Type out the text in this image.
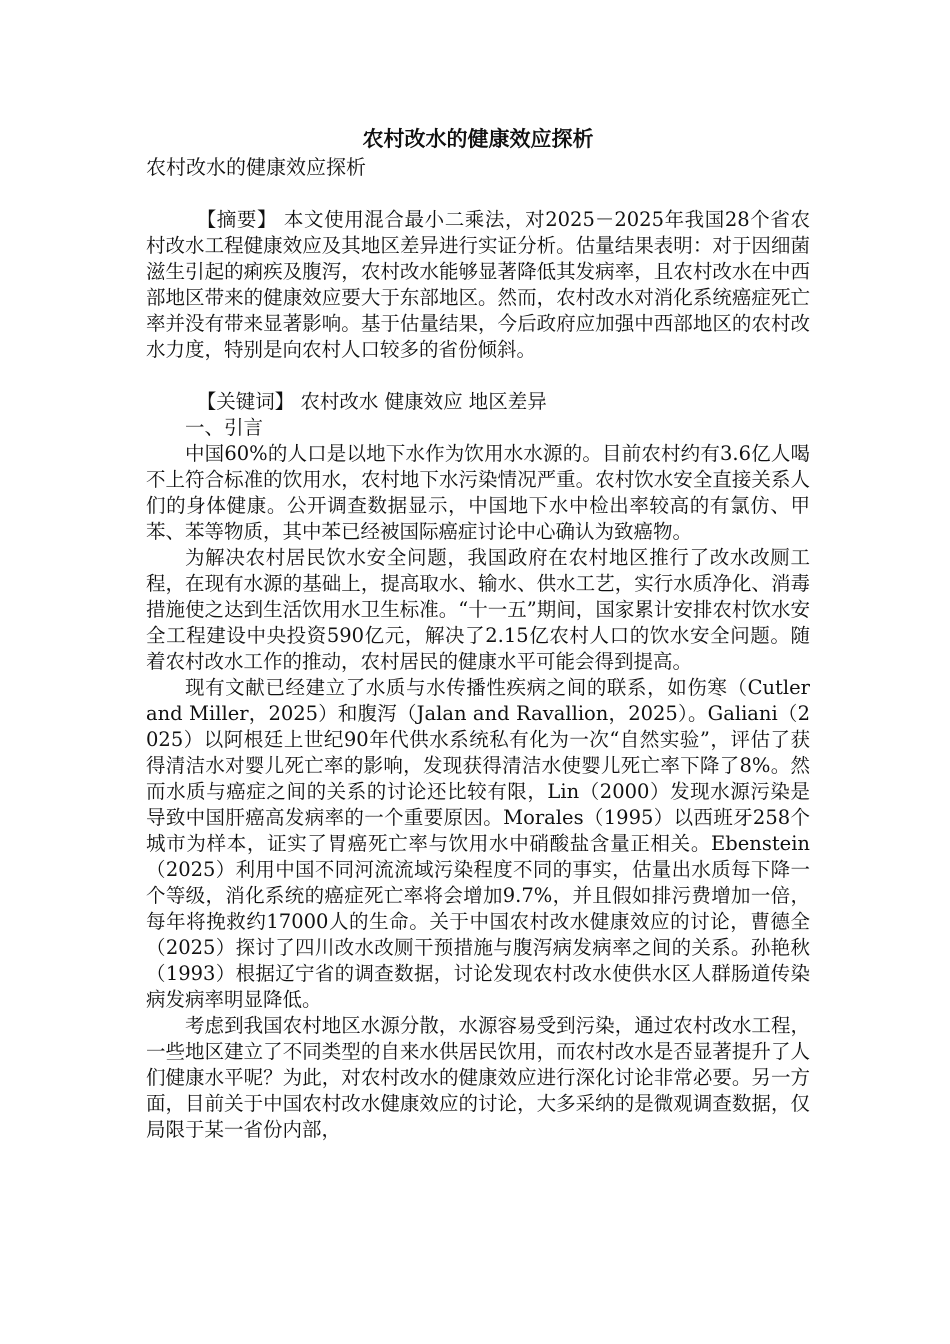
农村改水的健康效应探析

农村改水的健康效应探析

【摘要】 本文使用混合最小二乘法，对2025－2025年我国28个省农村改水工程健康效应及其地区差异进行实证分析。估量结果表明：对于因细菌滋生引起的痢疾及腹泻，农村改水能够显著降低其发病率，且农村改水在中西部地区带来的健康效应要大于东部地区。然而，农村改水对消化系统癌症死亡率并没有带来显著影响。基于估量结果，今后政府应加强中西部地区的农村改水力度，特别是向农村人口较多的省份倾斜。

【关键词】 农村改水 健康效应 地区差异

一、引言

中国60%的人口是以地下水作为饮用水水源的。目前农村约有3.6亿人喝不上符合标准的饮用水，农村地下水污染情况严重。农村饮水安全直接关系人们的身体健康。公开调查数据显示，中国地下水中检出率较高的有氯仿、甲苯、苯等物质，其中苯已经被国际癌症讨论中心确认为致癌物。

为解决农村居民饮水安全问题，我国政府在农村地区推行了改水改厕工程，在现有水源的基础上，提高取水、输水、供水工艺，实行水质净化、消毒措施使之达到生活饮用水卫生标准。“十一五”期间，国家累计安排农村饮水安全工程建设中央投资590亿元，解决了2.15亿农村人口的饮水安全问题。随着农村改水工作的推动，农村居民的健康水平可能会得到提高。

现有文献已经建立了水质与水传播性疾病之间的联系，如伤寒（Cutler and Miller，2025）和腹泻（Jalan and Ravallion，2025）。Galiani（2025）以阿根廷上世纪90年代供水系统私有化为一次“自然实验”，评估了获得清洁水对婴儿死亡率的影响，发现获得清洁水使婴儿死亡率下降了8%。然而水质与癌症之间的关系的讨论还比较有限，Lin（2000）发现水源污染是导致中国肝癌高发病率的一个重要原因。Morales（1995）以西班牙258个城市为样本，证实了胃癌死亡率与饮用水中硝酸盐含量正相关。Ebenstein（2025）利用中国不同河流流域污染程度不同的事实，估量出水质每下降一个等级，消化系统的癌症死亡率将会增加9.7%，并且假如排污费增加一倍，每年将挽救约17000人的生命。关于中国农村改水健康效应的讨论，曹德全（2025）探讨了四川改水改厕干预措施与腹泻病发病率之间的关系。孙艳秋（1993）根据辽宁省的调查数据，讨论发现农村改水使供水区人群肠道传染病发病率明显降低。

考虑到我国农村地区水源分散，水源容易受到污染，通过农村改水工程，一些地区建立了不同类型的自来水供居民饮用，而农村改水是否显著提升了人们健康水平呢？为此，对农村改水的健康效应进行深化讨论非常必要。另一方面，目前关于中国农村改水健康效应的讨论，大多采纳的是微观调查数据，仅局限于某一省份内部，
